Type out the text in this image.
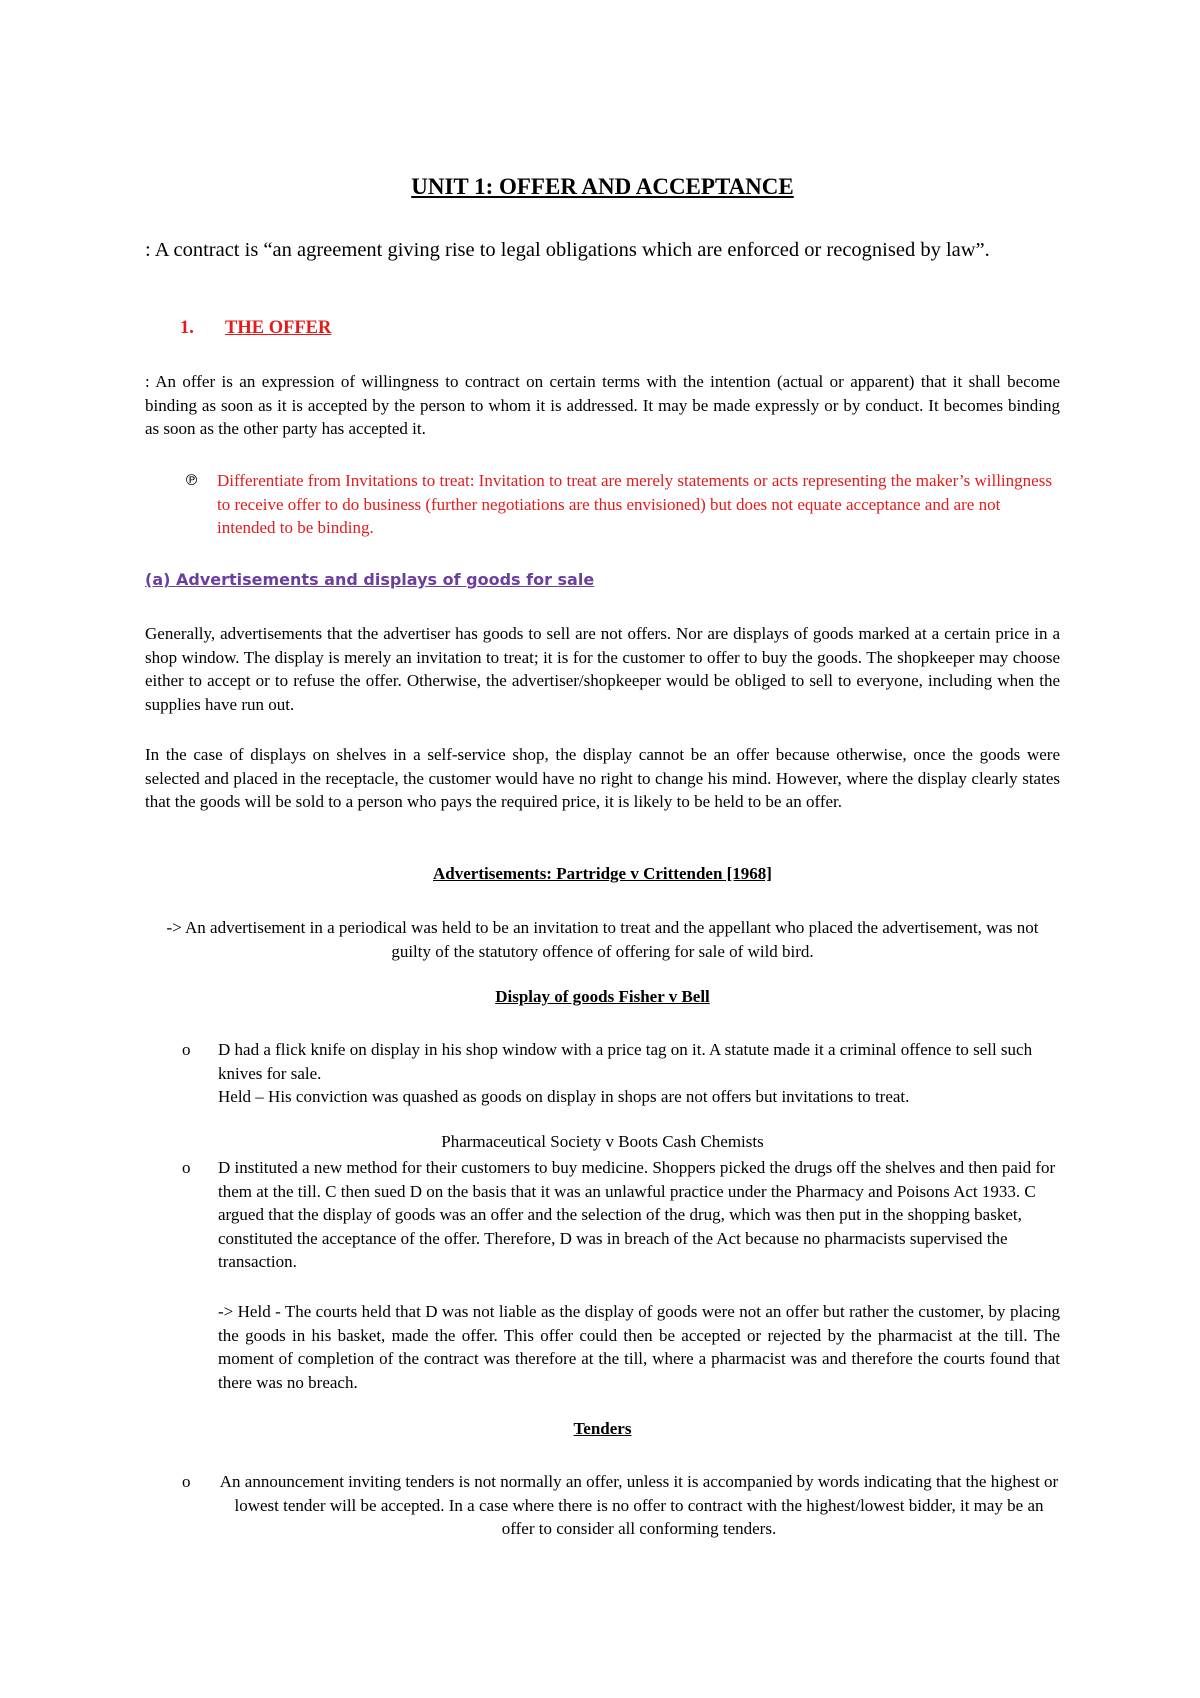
UNIT 1: OFFER AND ACCEPTANCE

: A contract is “an agreement giving rise to legal obligations which are enforced or recognised by law”.

1. THE OFFER

: An offer is an expression of willingness to contract on certain terms with the intention (actual or apparent) that it shall become binding as soon as it is accepted by the person to whom it is addressed. It may be made expressly or by conduct. It becomes binding as soon as the other party has accepted it.

℗ Differentiate from Invitations to treat: Invitation to treat are merely statements or acts representing the maker’s willingness to receive offer to do business (further negotiations are thus envisioned) but does not equate acceptance and are not intended to be binding.
(a) Advertisements and displays of goods for sale

Generally, advertisements that the advertiser has goods to sell are not offers. Nor are displays of goods marked at a certain price in a shop window. The display is merely an invitation to treat; it is for the customer to offer to buy the goods. The shopkeeper may choose either to accept or to refuse the offer. Otherwise, the advertiser/shopkeeper would be obliged to sell to everyone, including when the supplies have run out.

In the case of displays on shelves in a self-service shop, the display cannot be an offer because otherwise, once the goods were selected and placed in the receptacle, the customer would have no right to change his mind. However, where the display clearly states that the goods will be sold to a person who pays the required price, it is likely to be held to be an offer.

Advertisements: Partridge v Crittenden [1968]

-> An advertisement in a periodical was held to be an invitation to treat and the appellant who placed the advertisement, was not guilty of the statutory offence of offering for sale of wild bird.

Display of goods Fisher v Bell
o D had a flick knife on display in his shop window with a price tag on it. A statute made it a criminal offence to sell such knives for sale.
Held – His conviction was quashed as goods on display in shops are not offers but invitations to treat.
Pharmaceutical Society v Boots Cash Chemists
o D instituted a new method for their customers to buy medicine. Shoppers picked the drugs off the shelves and then paid for them at the till. C then sued D on the basis that it was an unlawful practice under the Pharmacy and Poisons Act 1933. C argued that the display of goods was an offer and the selection of the drug, which was then put in the shopping basket, constituted the acceptance of the offer. Therefore, D was in breach of the Act because no pharmacists supervised the transaction.

-> Held - The courts held that D was not liable as the display of goods were not an offer but rather the customer, by placing the goods in his basket, made the offer. This offer could then be accepted or rejected by the pharmacist at the till. The moment of completion of the contract was therefore at the till, where a pharmacist was and therefore the courts found that there was no breach.

Tenders
o An announcement inviting tenders is not normally an offer, unless it is accompanied by words indicating that the highest or lowest tender will be accepted. In a case where there is no offer to contract with the highest/lowest bidder, it may be an offer to consider all conforming tenders.
